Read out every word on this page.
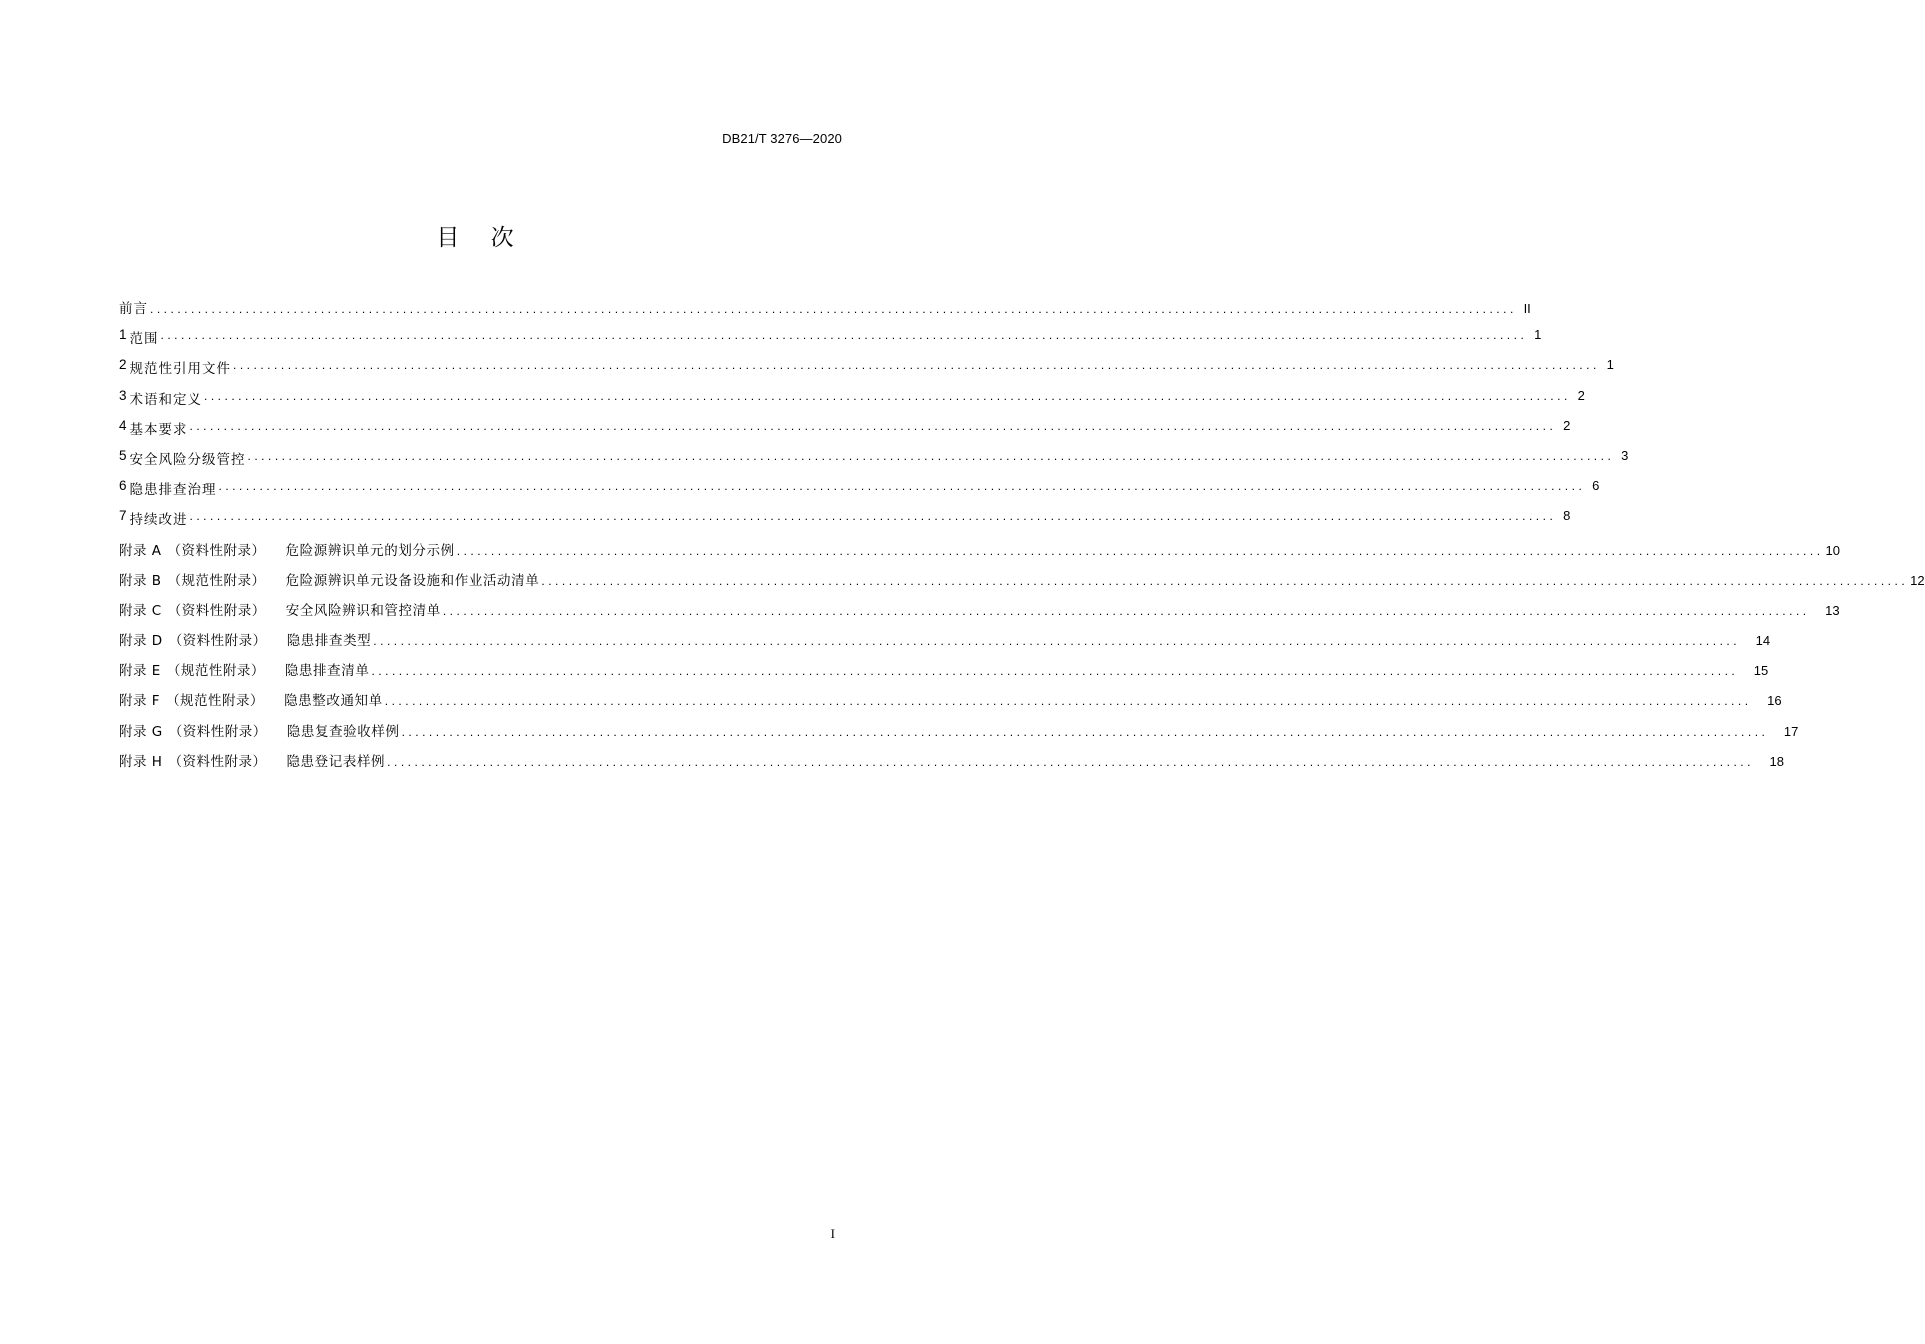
DB21/T 3276—2020
目 次
前言 ........................................................................................................................................................................................................ II
1 范围 ........................................................................................................................................................................................................ 1
2 规范性引用文件 ........................................................................................................................................................................................................ 1
3 术语和定义 ........................................................................................................................................................................................................ 2
4 基本要求 ........................................................................................................................................................................................................ 2
5 安全风险分级管控 ........................................................................................................................................................................................................ 3
6 隐患排查治理 ........................................................................................................................................................................................................ 6
7 持续改进 ........................................................................................................................................................................................................ 8
附录 A （资料性附录）	危险源辨识单元的划分示例 ........................................................................................................................................................................................................ 10
附录 B （规范性附录）	危险源辨识单元设备设施和作业活动清单 ........................................................................................................................................................................................................ 12
附录 C （资料性附录）	安全风险辨识和管控清单 ........................................................................................................................................................................................................	13
附录 D （资料性附录）	隐患排查类型 ........................................................................................................................................................................................................	14
附录 E （规范性附录）	隐患排查清单 ........................................................................................................................................................................................................	15
附录 F （规范性附录）	隐患整改通知单 ........................................................................................................................................................................................................	16
附录 G （资料性附录）	隐患复查验收样例 ........................................................................................................................................................................................................	17
附录 H （资料性附录）	隐患登记表样例 ........................................................................................................................................................................................................	18
I
